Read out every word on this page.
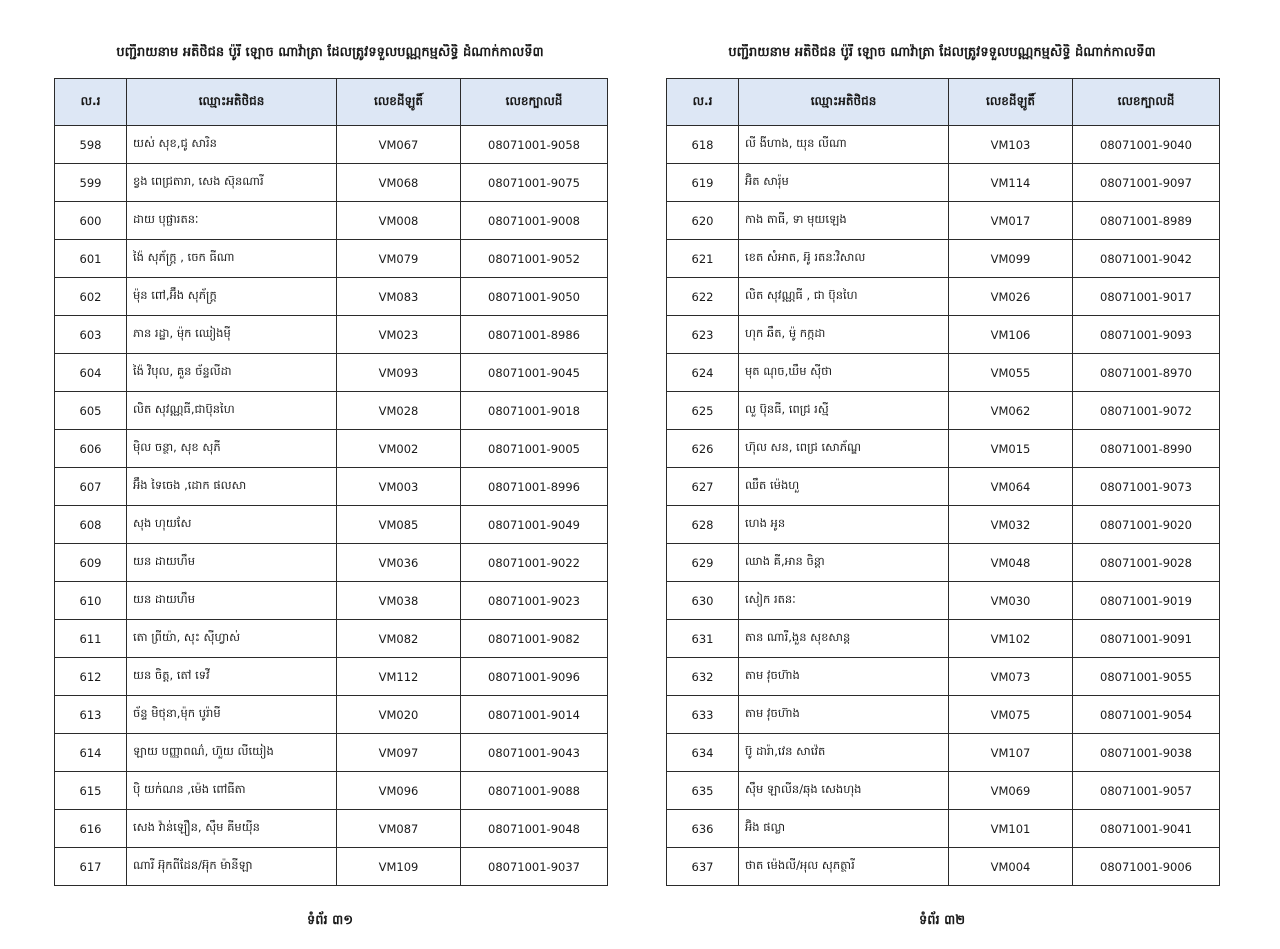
បញ្ជីរាយនាម អតិថិជន ប៉ូរី ឡោច ណាវ៉ាត្រា ដែលត្រូវទទួលបណ្ណកម្មសិទ្ធិ ដំណាក់កាលទី៣
ល.រ	ឈ្មោះអតិថិជន	លេខដីឡូតិ៍	លេខក្បាលដី
598	យស់ សុខ,ជូ សារិន	VM067	08071001-9058
599	ខ្វង ពេជ្រតារា, សេង ស៊ុនណារី	VM068	08071001-9075
600	ដាយ បុផ្ផារតនៈ	VM008	08071001-9008
601	ង៉ៃ សុភ័ក្រ្ត , ចេក ធីណា	VM079	08071001-9052
602	ម៉ុន ពៅ,អ៊ឹង សុភ័ក្ត្រ	VM083	08071001-9050
603	ភាន រដ្ឋា, ម៉ុក ឈៀងមុី	VM023	08071001-8986
604	ង៉ៃ វិបុល, គួន ច័ន្ទលីដា	VM093	08071001-9045
605	លិត សុវណ្ណធី,ជាប៊ុនហៃ	VM028	08071001-9018
606	ម៉ិល ចន្ថា, សុខ សុភី	VM002	08071001-9005
607	អ៊ឹង ទៃចេង ,ដោក ផលសា	VM003	08071001-8996
608	សុង ហុយសែ	VM085	08071001-9049
609	យន ដាយហឹម	VM036	08071001-9022
610	យន ដាយហឹម	VM038	08071001-9023
611	តោ ព្រីយ៉ា, សុះ ស៊ីហ្វាស់	VM082	08071001-9082
612	យន ចិត្ត, តៅ ទេវី	VM112	08071001-9096
613	ច័ន្ទ មិថុនា,ម៉ុក បូរ៉ាមី	VM020	08071001-9014
614	ឡាយ បញ្ញាពណ៌, ហ៊ួយ លីយៀង	VM097	08071001-9043
615	ប៉ិ យក់ណន ,ម៉េង ពៅធីតា	VM096	08071001-9088
616	សេង វ៉ាន់ឡឿន, ស៊ឹម គីមយ៉ីន	VM087	08071001-9048
617	ណារី អ៊ុកពីដែន/អ៊ុក ម៉ានីឡា	VM109	08071001-9037
ទំព័រ ៣១
បញ្ជីរាយនាម អតិថិជន ប៉ូរី ឡោច ណាវ៉ាត្រា ដែលត្រូវទទួលបណ្ណកម្មសិទ្ធិ ដំណាក់កាលទី៣
ល.រ	ឈ្មោះអតិថិជន	លេខដីឡូតិ៍	លេខក្បាលដី
618	លី ងីហាង, យុន លីណា	VM103	08071001-9040
619	អ៊ិត សារ៉ុម	VM114	08071001-9097
620	កាង តាធី, ទា មុយឡេង	VM017	08071001-8989
621	ខេត សំអាត, អ៊ូ រតនៈវិសាល	VM099	08071001-9042
622	លិត សុវណ្ណធី , ជា ប៊ុនហៃ	VM026	08071001-9017
623	ហុក ឆឹត, ម៉ូ កក្កដា	VM106	08071001-9093
624	មុត ណុច,ឃឹម ស៊ីថា	VM055	08071001-8970
625	លួ ប៊ុនធី, ពេជ្រ រស្មី	VM062	08071001-9072
626	ហ៊ុល សន, ពេជ្រ សោភ័ណ្ឌ	VM015	08071001-8990
627	ឈឹត ម៉េងហួ	VM064	08071001-9073
628	ហេង អូន	VM032	08071001-9020
629	ឈាង គី,អាន ចិន្តា	VM048	08071001-9028
630	សៀក រតនៈ	VM030	08071001-9019
631	តាន ណារី,ងួន សុខសាន្ត	VM102	08071001-9091
632	តាម វុចហ៊ាង	VM073	08071001-9055
633	តាម វុចហ៊ាង	VM075	08071001-9054
634	ប៊ូ ដារ៉ា,វេន សាវ៉េត	VM107	08071001-9038
635	ស៊ឹម ឡាលីន/ឆុង សេងហុង	VM069	08071001-9057
636	អ៊ិង ផល្លា	VM101	08071001-9041
637	ថាត ម៉េងលី/អុល សុភត្ថារី	VM004	08071001-9006
ទំព័រ ៣២
